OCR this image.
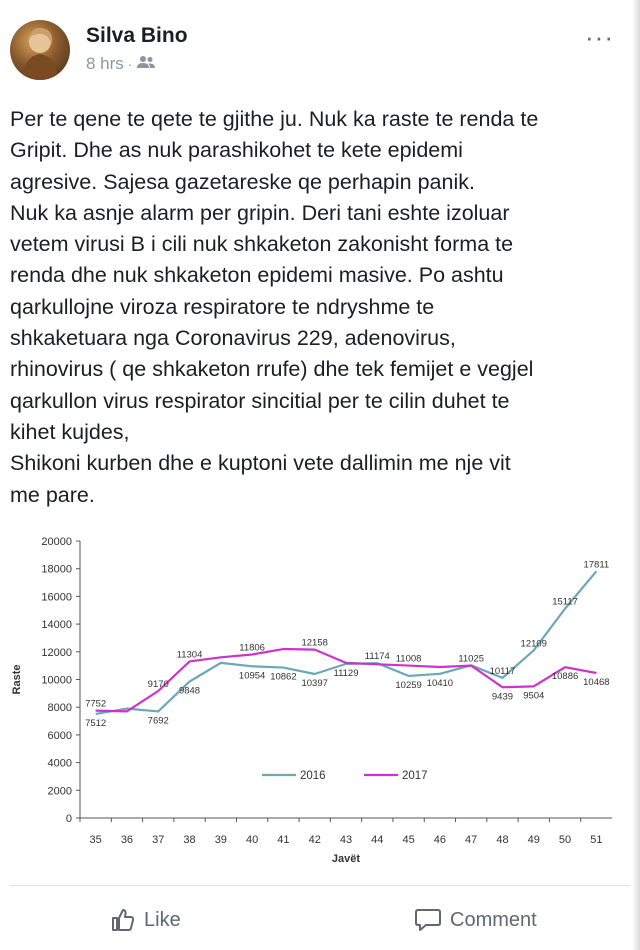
Silva Bino
8 hrs ·
···
Per te qene te qete te gjithe ju. Nuk ka raste te renda te
Gripit. Dhe as nuk parashikohet te kete epidemi
agresive. Sajesa gazetareske qe perhapin panik.
Nuk ka asnje alarm per gripin. Deri tani eshte izoluar
vetem virusi B i cili nuk shkaketon zakonisht forma te
renda dhe nuk shkaketon epidemi masive. Po ashtu
qarkullojne viroza respiratore te ndryshme te
shkaketuara nga Coronavirus 229, adenovirus,
rhinovirus ( qe shkaketon rrufe) dhe tek femijet e vegjel
qarkullon virus respirator sincitial per te cilin duhet te
kihet kujdes,
Shikoni kurben dhe e kuptoni vete dallimin me nje vit
me pare.
0
2000
4000
6000
8000
10000
12000
14000
16000
18000
20000
35 36 37 38 39 40 41 42 43 44 45 46 47 48 49 50 51
Javët
Raste
7512	7692
9848
10954 10862
10397
11129
11174
10259 10410
11025
10117
12109
15117
17811
7752
9170
11304
11806	12158
11008
9439 9504
10886
10468
2016	2017
Like	Comment
